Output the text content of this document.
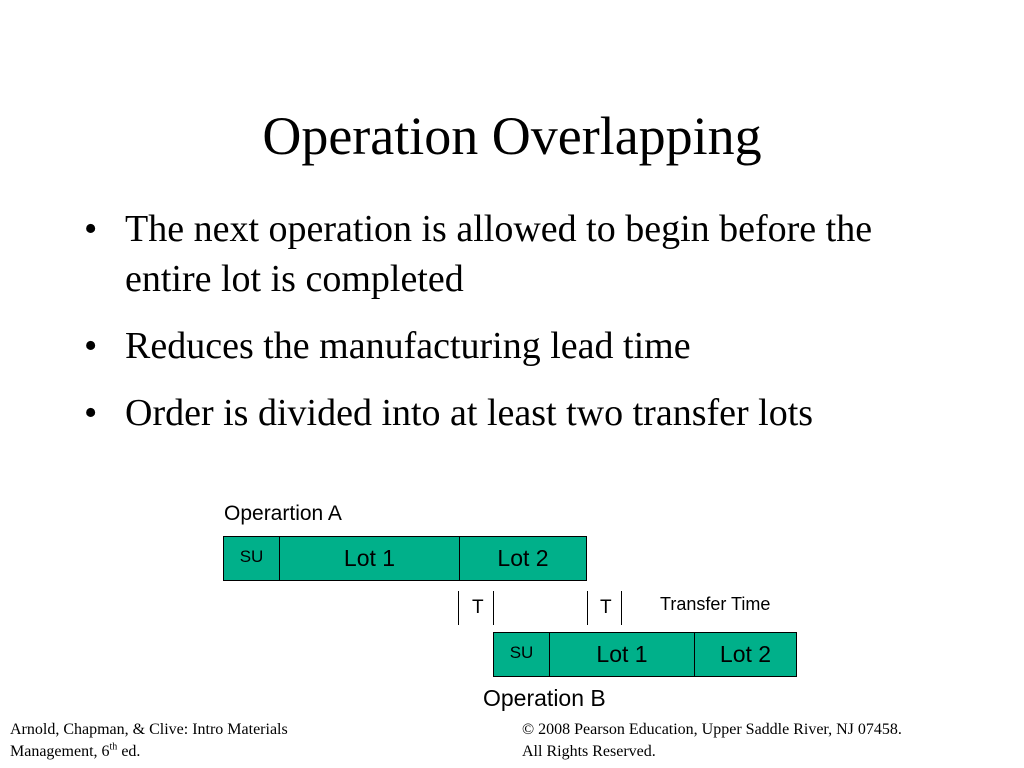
Operation Overlapping
• The next operation is allowed to begin before the entire lot is completed
• Reduces the manufacturing lead time
• Order is divided into at least two transfer lots
Operartion A
SU	Lot 1	Lot 2
T	T	Transfer Time
SU	Lot 1	Lot 2
Operation B
Arnold, Chapman, & Clive: Intro Materials
Management, 6th ed.
© 2008 Pearson Education, Upper Saddle River, NJ 07458.
All Rights Reserved.
